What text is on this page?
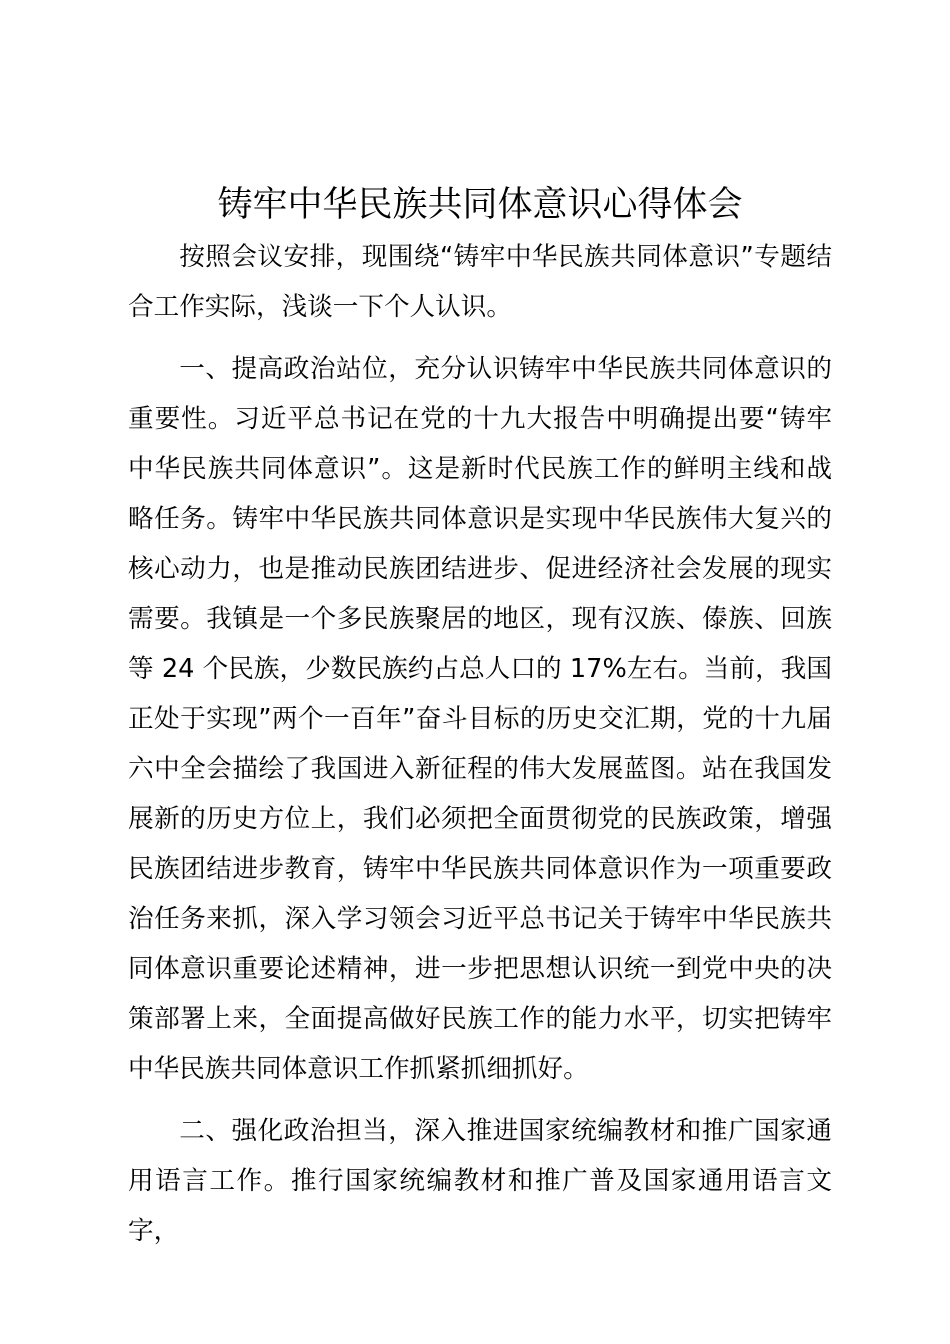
铸牢中华民族共同体意识心得体会

按照会议安排，现围绕“铸牢中华民族共同体意识”专题结合工作实际，浅谈一下个人认识。

一、提高政治站位，充分认识铸牢中华民族共同体意识的重要性。习近平总书记在党的十九大报告中明确提出要“铸牢中华民族共同体意识”。这是新时代民族工作的鲜明主线和战略任务。铸牢中华民族共同体意识是实现中华民族伟大复兴的核心动力，也是推动民族团结进步、促进经济社会发展的现实需要。我镇是一个多民族聚居的地区，现有汉族、傣族、回族等 24 个民族，少数民族约占总人口的 17%左右。当前，我国正处于实现”两个一百年”奋斗目标的历史交汇期，党的十九届六中全会描绘了我国进入新征程的伟大发展蓝图。站在我国发展新的历史方位上，我们必须把全面贯彻党的民族政策，增强民族团结进步教育，铸牢中华民族共同体意识作为一项重要政治任务来抓，深入学习领会习近平总书记关于铸牢中华民族共同体意识重要论述精神，进一步把思想认识统一到党中央的决策部署上来，全面提高做好民族工作的能力水平，切实把铸牢中华民族共同体意识工作抓紧抓细抓好。

二、强化政治担当，深入推进国家统编教材和推广国家通用语言工作。推行国家统编教材和推广普及国家通用语言文字，
